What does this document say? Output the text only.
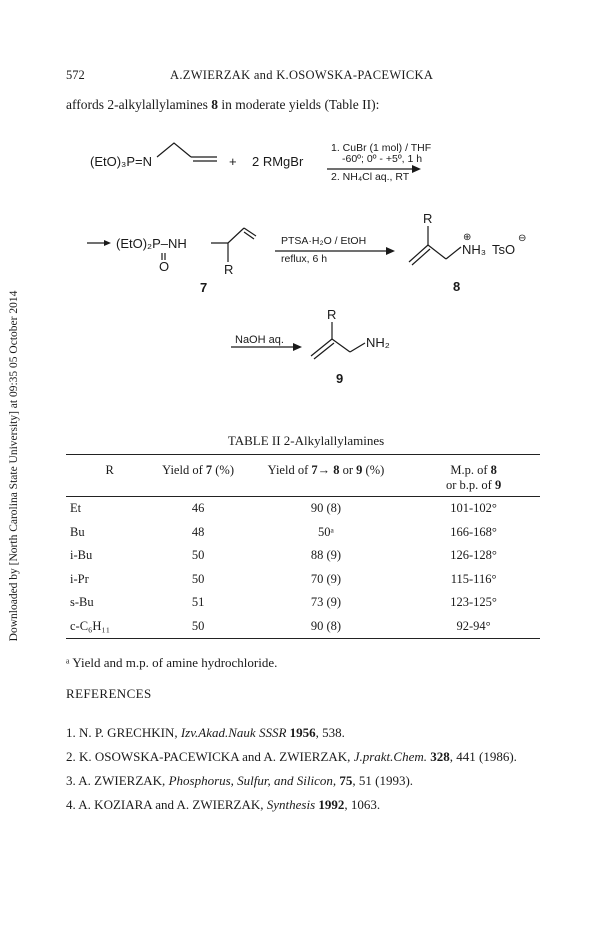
Downloaded by [North Carolina State University] at 09:35 05 October 2014
572	A.ZWIERZAK and K.OSOWSKA-PACEWICKA
affords 2-alkylallylamines 8 in moderate yields (Table II):
(EtO)₃P=N	+ 2 RMgBr
1. CuBr (1 mol) / THF
-60º; 0º - +5º, 1 h
2. NH₄Cl aq., RT
(EtO)₂P–NH
O	R
7
PTSA·H₂O / EtOH
reflux, 6 h
R
⊕
NH₃ TsO
⊖
8
NaOH aq.
R
NH₂
9
TABLE II 2-Alkylallylamines
R	Yield of 7 (%)	Yield of 7→ 8 or 9 (%)	M.p. of 8
or b.p. of 9
Et	46	90 (8)	101-102°
Bu	48	50ᵃ	166-168°
i-Bu	50	88 (9)	126-128°
i-Pr	50	70 (9)	115-116°
s-Bu	51	73 (9)	123-125°
c-C₆H₁₁	50	90 (8)	92-94°
ᵃ Yield and m.p. of amine hydrochloride.
REFERENCES
1. N. P. GRECHKIN, Izv.Akad.Nauk SSSR 1956, 538.
2. K. OSOWSKA-PACEWICKA and A. ZWIERZAK, J.prakt.Chem. 328, 441 (1986).
3. A. ZWIERZAK, Phosphorus, Sulfur, and Silicon, 75, 51 (1993).
4. A. KOZIARA and A. ZWIERZAK, Synthesis 1992, 1063.
